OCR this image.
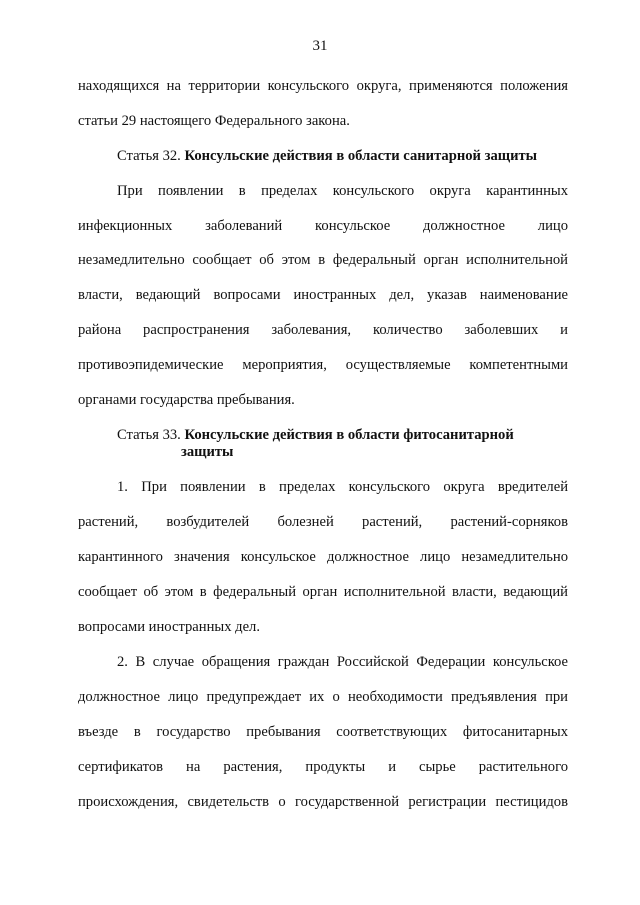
31
находящихся на территории консульского округа, применяются положения
статьи 29 настоящего Федерального закона.
Статья 32. Консульские действия в области санитарной защиты
При появлении в пределах консульского округа карантинных
инфекционных заболеваний консульское должностное лицо
незамедлительно сообщает об этом в федеральный орган исполнительной
власти, ведающий вопросами иностранных дел, указав наименование
района распространения заболевания, количество заболевших и
противоэпидемические мероприятия, осуществляемые компетентными
органами государства пребывания.
Статья 33. Консульские действия в области фитосанитарной
защиты
1. При появлении в пределах консульского округа вредителей
растений, возбудителей болезней растений, растений-сорняков
карантинного значения консульское должностное лицо незамедлительно
сообщает об этом в федеральный орган исполнительной власти, ведающий
вопросами иностранных дел.
2. В случае обращения граждан Российской Федерации консульское
должностное лицо предупреждает их о необходимости предъявления при
въезде в государство пребывания соответствующих фитосанитарных
сертификатов на растения, продукты и сырье растительного
происхождения, свидетельств о государственной регистрации пестицидов
